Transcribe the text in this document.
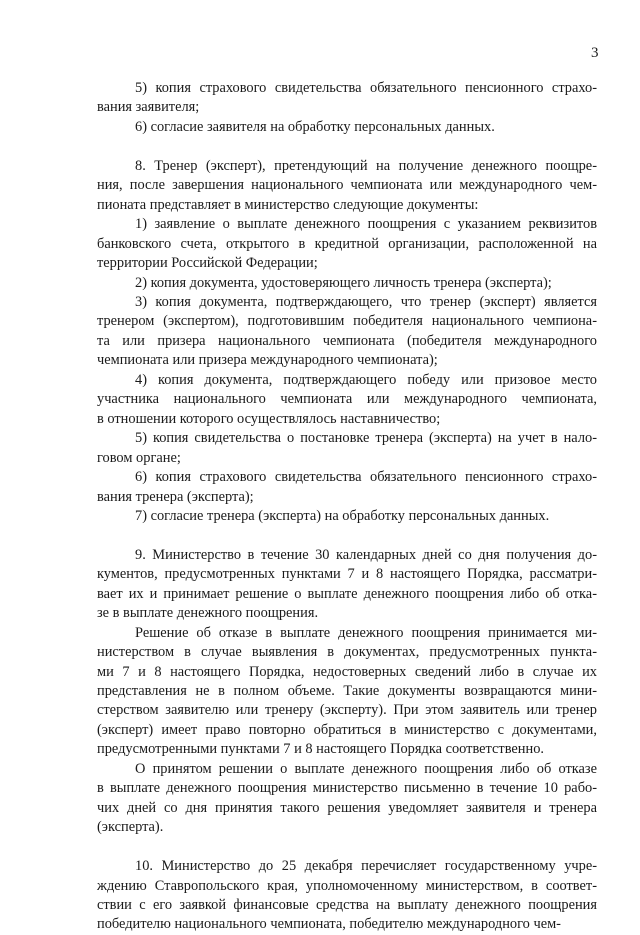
3
5) копия страхового свидетельства обязательного пенсионного страхо-
вания заявителя;
6) согласие заявителя на обработку персональных данных.
8. Тренер (эксперт), претендующий на получение денежного поощре-
ния, после завершения национального чемпионата или международного чем-
пионата представляет в министерство следующие документы:
1) заявление о выплате денежного поощрения с указанием реквизитов
банковского счета, открытого в кредитной организации, расположенной на
территории Российской Федерации;
2) копия документа, удостоверяющего личность тренера (эксперта);
3) копия документа, подтверждающего, что тренер (эксперт) является
тренером (экспертом), подготовившим победителя национального чемпиона-
та или призера национального чемпионата (победителя международного
чемпионата или призера международного чемпионата);
4) копия документа, подтверждающего победу или призовое место
участника национального чемпионата или международного чемпионата,
в отношении которого осуществлялось наставничество;
5) копия свидетельства о постановке тренера (эксперта) на учет в нало-
говом органе;
6) копия страхового свидетельства обязательного пенсионного страхо-
вания тренера (эксперта);
7) согласие тренера (эксперта) на обработку персональных данных.
9. Министерство в течение 30 календарных дней со дня получения до-
кументов, предусмотренных пунктами 7 и 8 настоящего Порядка, рассматри-
вает их и принимает решение о выплате денежного поощрения либо об отка-
зе в выплате денежного поощрения.
Решение об отказе в выплате денежного поощрения принимается ми-
нистерством в случае выявления в документах, предусмотренных пункта-
ми 7 и 8 настоящего Порядка, недостоверных сведений либо в случае их
представления не в полном объеме. Такие документы возвращаются мини-
стерством заявителю или тренеру (эксперту). При этом заявитель или тренер
(эксперт) имеет право повторно обратиться в министерство с документами,
предусмотренными пунктами 7 и 8 настоящего Порядка соответственно.
О принятом решении о выплате денежного поощрения либо об отказе
в выплате денежного поощрения министерство письменно в течение 10 рабо-
чих дней со дня принятия такого решения уведомляет заявителя и тренера
(эксперта).
10. Министерство до 25 декабря перечисляет государственному учре-
ждению Ставропольского края, уполномоченному министерством, в соответ-
ствии с его заявкой финансовые средства на выплату денежного поощрения
победителю национального чемпионата, победителю международного чем-
